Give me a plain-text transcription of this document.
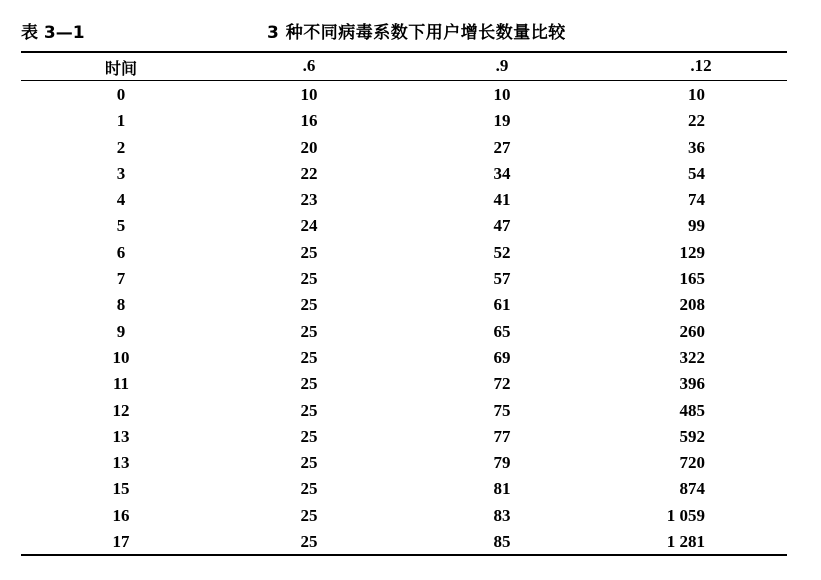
表 3—1	3 种不同病毒系数下用户增长数量比较
时间	.6	.9	.12
0	10	10	10
1	16	19	22
2	20	27	36
3	22	34	54
4	23	41	74
5	24	47	99
6	25	52	129
7	25	57	165
8	25	61	208
9	25	65	260
10	25	69	322
11	25	72	396
12	25	75	485
13	25	77	592
13	25	79	720
15	25	81	874
16	25	83	1 059
17	25	85	1 281
